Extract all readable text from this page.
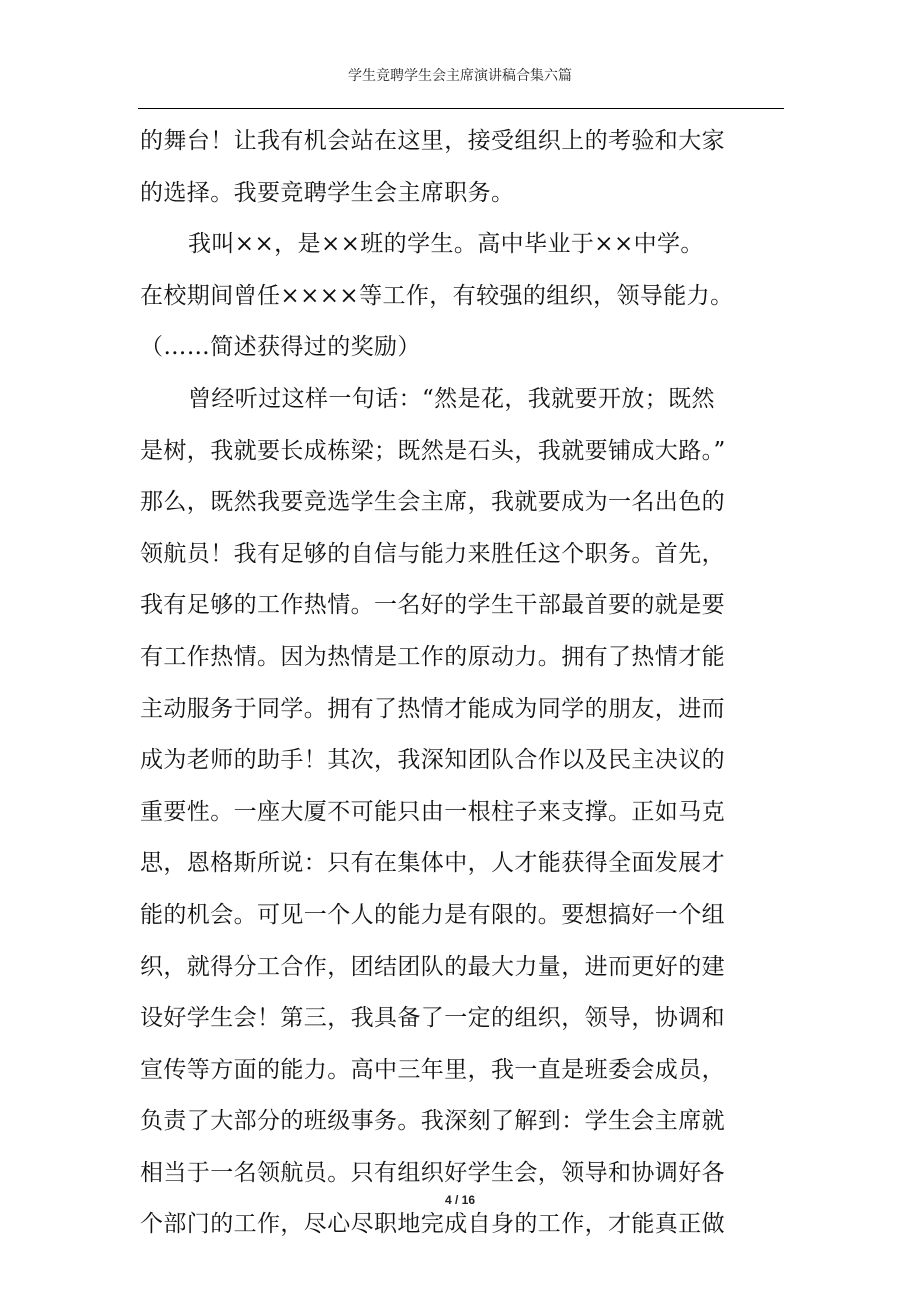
学生竞聘学生会主席演讲稿合集六篇
的舞台！让我有机会站在这里，接受组织上的考验和大家
的选择。我要竞聘学生会主席职务。
我叫××，是××班的学生。高中毕业于××中学。
在校期间曾任××××等工作，有较强的组织，领导能力。
（……简述获得过的奖励）
曾经听过这样一句话：“然是花，我就要开放；既然
是树，我就要长成栋梁；既然是石头，我就要铺成大路。”
那么，既然我要竞选学生会主席，我就要成为一名出色的
领航员！我有足够的自信与能力来胜任这个职务。首先，
我有足够的工作热情。一名好的学生干部最首要的就是要
有工作热情。因为热情是工作的原动力。拥有了热情才能
主动服务于同学。拥有了热情才能成为同学的朋友，进而
成为老师的助手！其次，我深知团队合作以及民主决议的
重要性。一座大厦不可能只由一根柱子来支撑。正如马克
思，恩格斯所说：只有在集体中，人才能获得全面发展才
能的机会。可见一个人的能力是有限的。要想搞好一个组
织，就得分工合作，团结团队的最大力量，进而更好的建
设好学生会！第三，我具备了一定的组织，领导，协调和
宣传等方面的能力。高中三年里，我一直是班委会成员，
负责了大部分的班级事务。我深刻了解到：学生会主席就
相当于一名领航员。只有组织好学生会，领导和协调好各
个部门的工作，尽心尽职地完成自身的工作，才能真正做
4 / 16
